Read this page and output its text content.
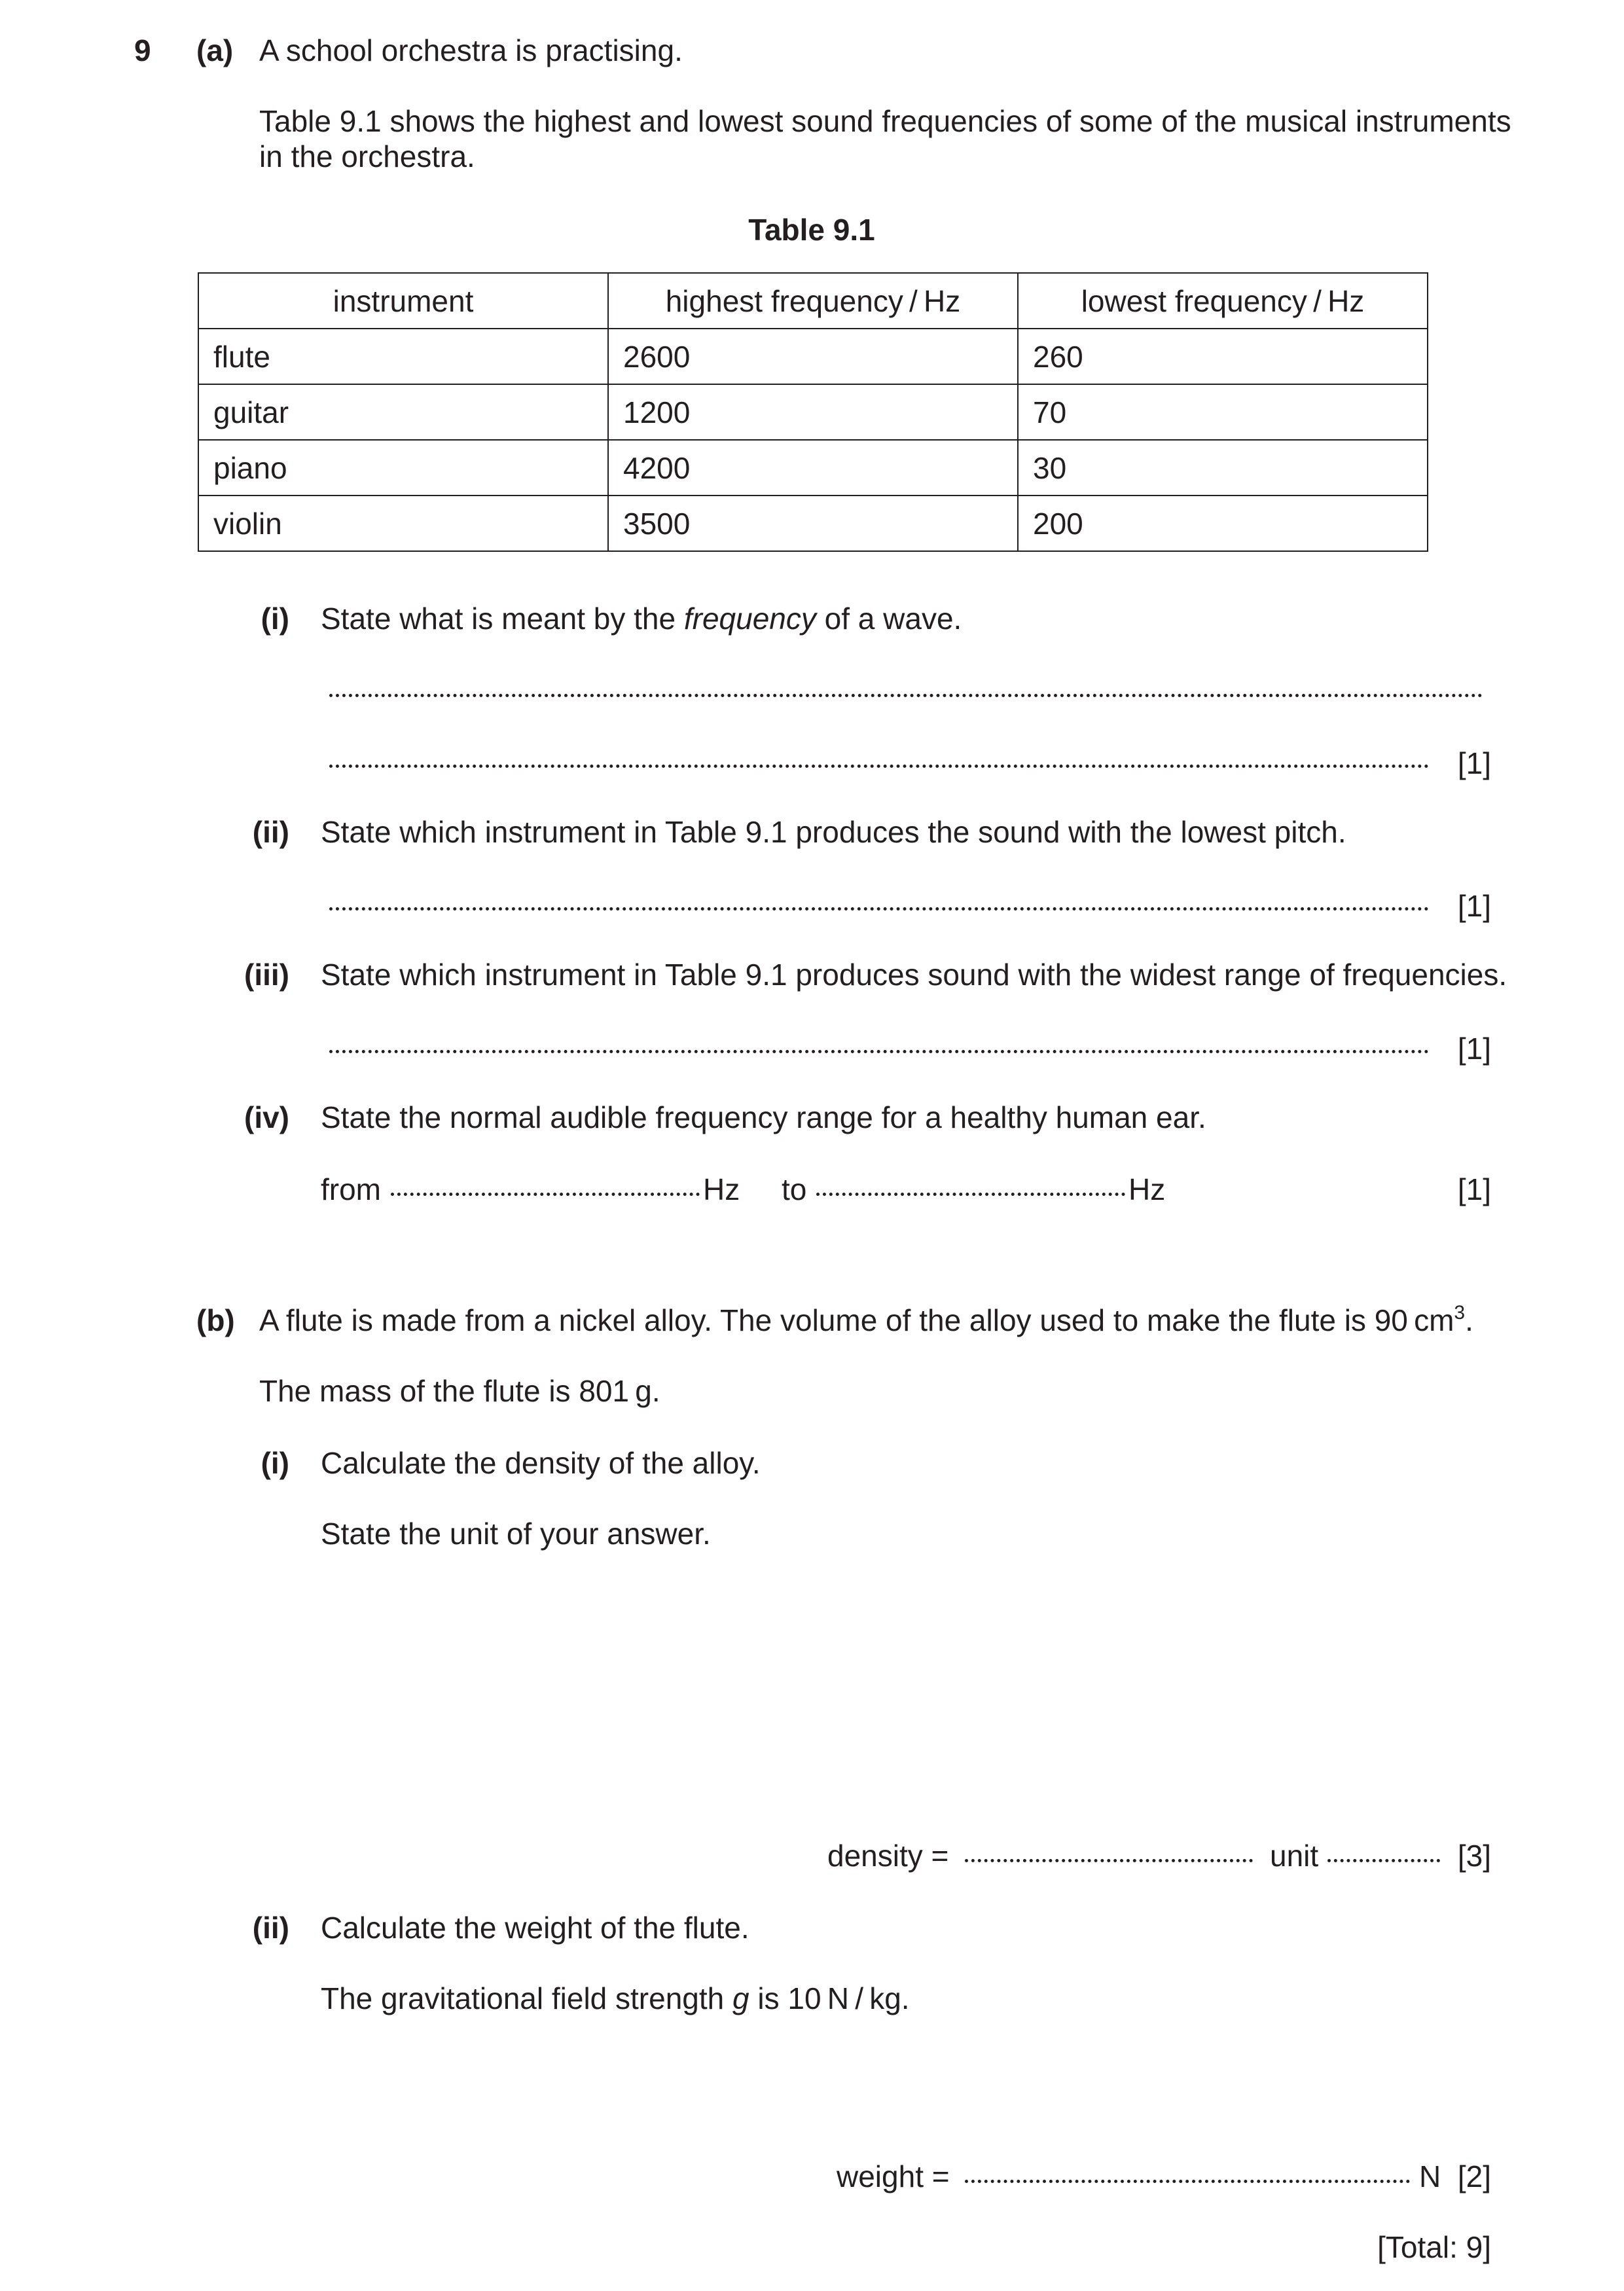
9 (a) A school orchestra is practising.
Table 9.1 shows the highest and lowest sound frequencies of some of the musical instruments
in the orchestra.
Table 9.1
instrument	highest frequency / Hz	lowest frequency / Hz
flute	2600	260
guitar	1200	70
piano	4200	30
violin	3500	200
(i) State what is meant by the frequency of a wave.
[1]
(ii) State which instrument in Table 9.1 produces the sound with the lowest pitch.
[1]
(iii) State which instrument in Table 9.1 produces sound with the widest range of frequencies.
[1]
(iv) State the normal audible frequency range for a healthy human ear.
from	Hz to	Hz	[1]
(b) A flute is made from a nickel alloy. The volume of the alloy used to make the flute is 90 $cm^3$.
The mass of the flute is 801 g.
(i) Calculate the density of the alloy.
State the unit of your answer.
density =	unit	[3]
(ii) Calculate the weight of the flute.
The gravitational field strength g is 10 N / kg.
weight =	N [2]
[Total: 9]
